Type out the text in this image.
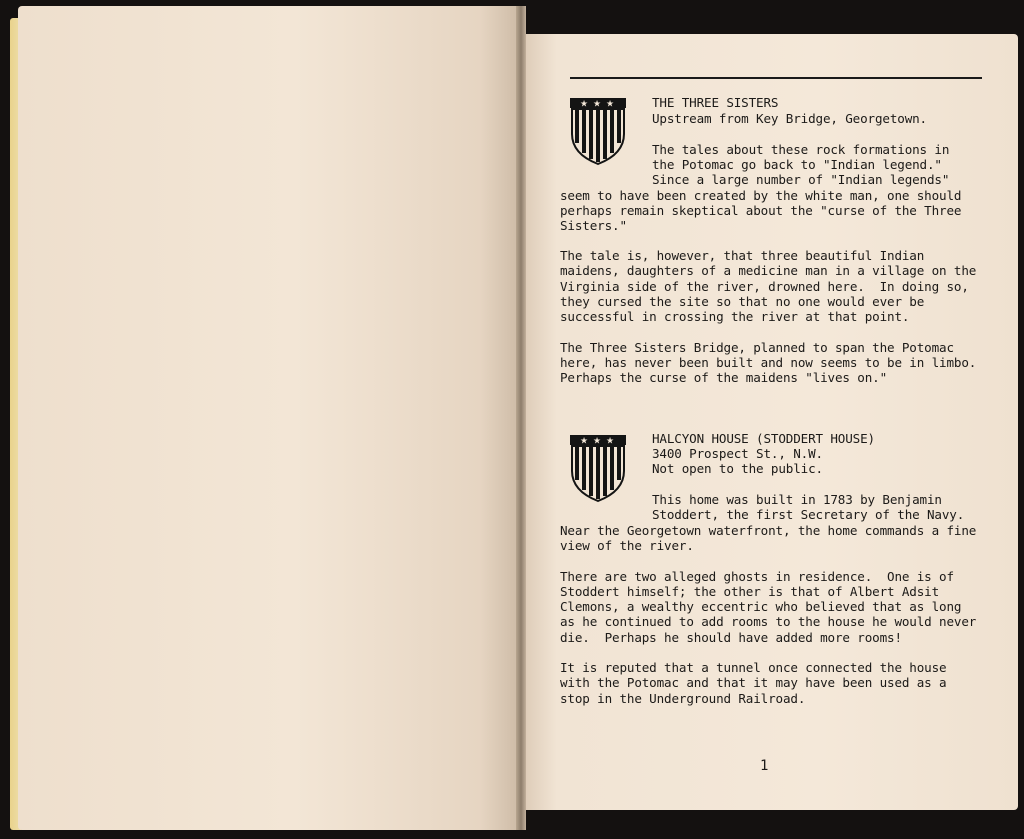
★ ★ ★	THE THREE SISTERS
Upstream from Key Bridge, Georgetown.
The tales about these rock formations in
the Potomac go back to "Indian legend."
Since a large number of "Indian legends"
seem to have been created by the white man, one should
perhaps remain skeptical about the "curse of the Three
Sisters."
The tale is, however, that three beautiful Indian
maidens, daughters of a medicine man in a village on the
Virginia side of the river, drowned here.  In doing so,
they cursed the site so that no one would ever be
successful in crossing the river at that point.
The Three Sisters Bridge, planned to span the Potomac
here, has never been built and now seems to be in limbo.
Perhaps the curse of the maidens "lives on."
★ ★ ★	HALCYON HOUSE (STODDERT HOUSE)
3400 Prospect St., N.W.
Not open to the public.
This home was built in 1783 by Benjamin
Stoddert, the first Secretary of the Navy.
Near the Georgetown waterfront, the home commands a fine
view of the river.
There are two alleged ghosts in residence.  One is of
Stoddert himself; the other is that of Albert Adsit
Clemons, a wealthy eccentric who believed that as long
as he continued to add rooms to the house he would never
die.  Perhaps he should have added more rooms!
It is reputed that a tunnel once connected the house
with the Potomac and that it may have been used as a
stop in the Underground Railroad.
1
